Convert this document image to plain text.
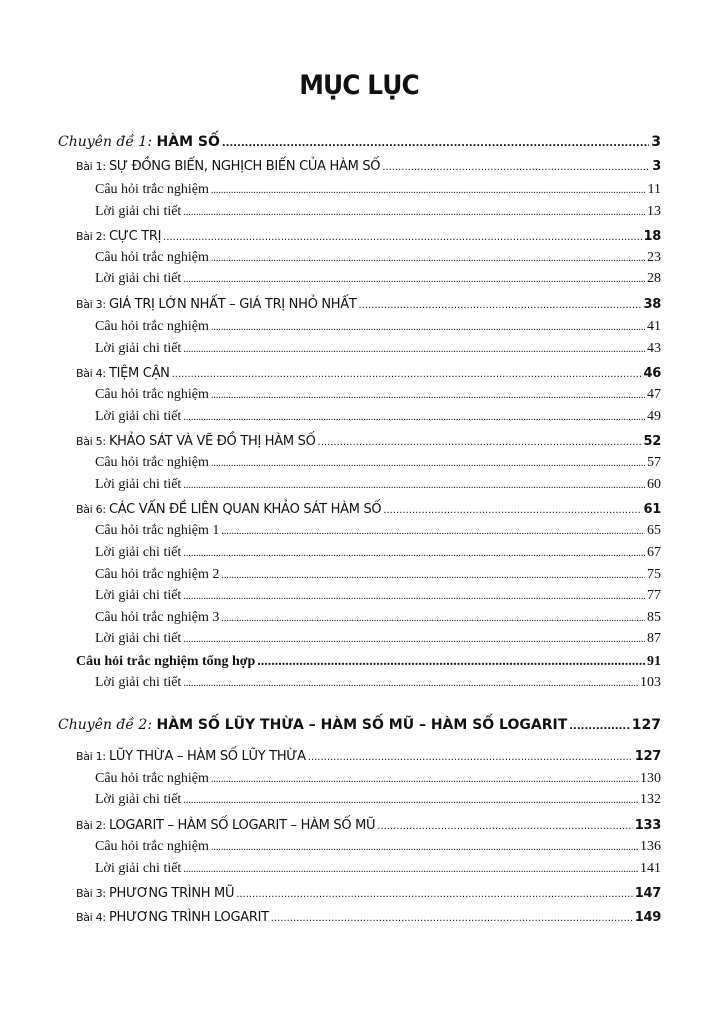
MỤC LỤC
Chuyên đề 1: HÀM SỐ .....	3
Bài 1: SỰ ĐỒNG BIẾN, NGHỊCH BIẾN CỦA HÀM SỐ .....	3
Câu hỏi trắc nghiệm .....	11
Lời giải chi tiết .....	13
Bài 2: CỰC TRỊ .....	18
Câu hỏi trắc nghiệm .....	23
Lời giải chi tiết .....	28
Bài 3: GIÁ TRỊ LỚN NHẤT – GIÁ TRỊ NHỎ NHẤT .....	38
Câu hỏi trắc nghiệm .....	41
Lời giải chi tiết .....	43
Bài 4: TIỆM CẬN .....	46
Câu hỏi trắc nghiệm .....	47
Lời giải chi tiết .....	49
Bài 5: KHẢO SÁT VÀ VẼ ĐỒ THỊ HÀM SỐ .....	52
Câu hỏi trắc nghiệm .....	57
Lời giải chi tiết .....	60
Bài 6: CÁC VẤN ĐỀ LIÊN QUAN KHẢO SÁT HÀM SỐ .....	61
Câu hỏi trắc nghiệm 1 .....	65
Lời giải chi tiết .....	67
Câu hỏi trắc nghiệm 2 .....	75
Lời giải chi tiết .....	77
Câu hỏi trắc nghiệm 3 .....	85
Lời giải chi tiết .....	87
Câu hỏi trắc nghiệm tổng hợp .....	91
Lời giải chi tiết .....	103
Chuyên đề 2: HÀM SỐ LŨY THỪA – HÀM SỐ MŨ – HÀM SỐ LOGARIT .....	127
Bài 1: LŨY THỪA – HÀM SỐ LŨY THỪA .....	127
Câu hỏi trắc nghiệm .....	130
Lời giải chi tiết .....	132
Bài 2: LOGARIT – HÀM SỐ LOGARIT – HÀM SỐ MŨ .....	133
Câu hỏi trắc nghiệm .....	136
Lời giải chi tiết .....	141
Bài 3: PHƯƠNG TRÌNH MŨ .....	147
Bài 4: PHƯƠNG TRÌNH LOGARIT .....	149
